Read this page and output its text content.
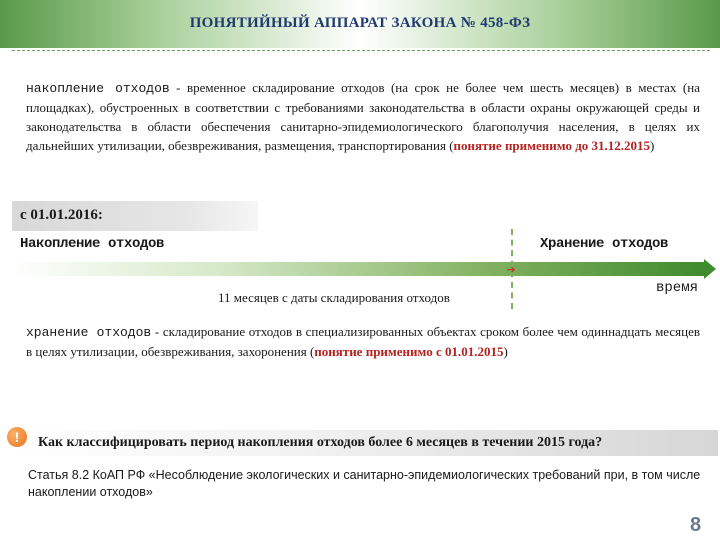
ПОНЯТИЙНЫЙ АППАРАТ ЗАКОНА № 458-ФЗ
накопление отходов - временное складирование отходов (на срок не более чем шесть месяцев) в местах (на площадках), обустроенных в соответствии с требованиями законодательства в области охраны окружающей среды и законодательства в области обеспечения санитарно-эпидемиологического благополучия населения, в целях их дальнейших утилизации, обезвреживания, размещения, транспортирования (понятие применимо до 31.12.2015)
с 01.01.2016:
Накопление отходов	Хранение отходов
➔
11 месяцев с даты складирования отходов
время
хранение отходов - складирование отходов в специализированных объектах сроком более чем одиннадцать месяцев в целях утилизации, обезвреживания, захоронения (понятие применимо с 01.01.2015)
!	Как классифицировать период накопления отходов более 6 месяцев в течении 2015 года?
Статья 8.2 КоАП РФ «Несоблюдение экологических и санитарно-эпидемиологических требований при, в том числе накоплении отходов»
8
